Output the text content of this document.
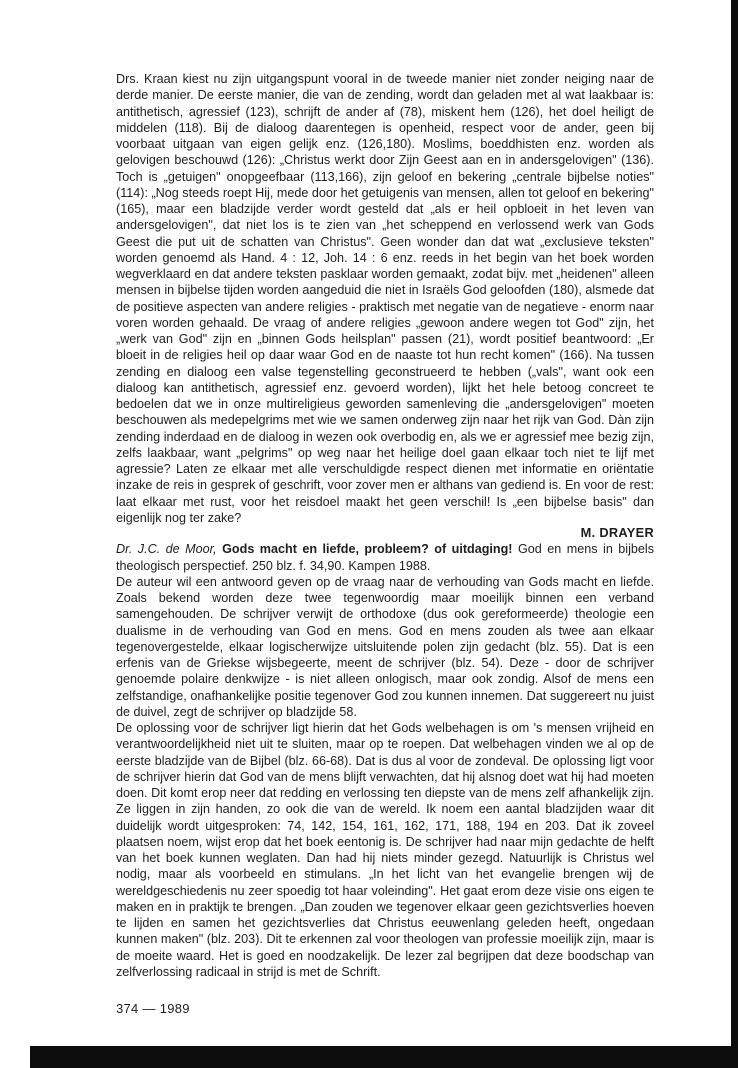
Drs. Kraan kiest nu zijn uitgangspunt vooral in de tweede manier niet zonder neiging naar de derde manier. De eerste manier, die van de zending, wordt dan geladen met al wat laakbaar is: antithetisch, agressief (123), schrijft de ander af (78), miskent hem (126), het doel heiligt de middelen (118). Bij de dialoog daarentegen is openheid, respect voor de ander, geen bij voorbaat uitgaan van eigen gelijk enz. (126,180). Moslims, boeddhisten enz. worden als gelovigen beschouwd (126): „Christus werkt door Zijn Geest aan en in andersgelovigen" (136). Toch is „getuigen" onopgeefbaar (113,166), zijn geloof en bekering „centrale bijbelse noties" (114): „Nog steeds roept Hij, mede door het getuigenis van mensen, allen tot geloof en bekering" (165), maar een bladzijde verder wordt gesteld dat „als er heil opbloeit in het leven van andersgelovigen", dat niet los is te zien van „het scheppend en verlossend werk van Gods Geest die put uit de schatten van Christus". Geen wonder dan dat wat „exclusieve teksten" worden genoemd als Hand. 4 : 12, Joh. 14 : 6 enz. reeds in het begin van het boek worden wegverklaard en dat andere teksten pasklaar worden gemaakt, zodat bijv. met „heidenen" alleen mensen in bijbelse tijden worden aangeduid die niet in Israëls God geloofden (180), alsmede dat de positieve aspecten van andere religies - praktisch met negatie van de negatieve - enorm naar voren worden gehaald. De vraag of andere religies „gewoon andere wegen tot God" zijn, het „werk van God" zijn en „binnen Gods heilsplan" passen (21), wordt positief beantwoord: „Er bloeit in de religies heil op daar waar God en de naaste tot hun recht komen" (166). Na tussen zending en dialoog een valse tegenstelling geconstrueerd te hebben („vals", want ook een dialoog kan antithetisch, agressief enz. gevoerd worden), lijkt het hele betoog concreet te bedoelen dat we in onze multireligieus geworden samenleving die „andersgelovigen" moeten beschouwen als medepelgrims met wie we samen onderweg zijn naar het rijk van God. Dàn zijn zending inderdaad en de dialoog in wezen ook overbodig en, als we er agressief mee bezig zijn, zelfs laakbaar, want „pelgrims" op weg naar het heilige doel gaan elkaar toch niet te lijf met agressie? Laten ze elkaar met alle verschuldigde respect dienen met informatie en oriëntatie inzake de reis in gesprek of geschrift, voor zover men er althans van gediend is. En voor de rest: laat elkaar met rust, voor het reisdoel maakt het geen verschil! Is „een bijbelse basis" dan eigenlijk nog ter zake?

M. DRAYER

Dr. J.C. de Moor, Gods macht en liefde, probleem? of uitdaging! God en mens in bijbels theologisch perspectief. 250 blz. f. 34,90. Kampen 1988.

De auteur wil een antwoord geven op de vraag naar de verhouding van Gods macht en liefde. Zoals bekend worden deze twee tegenwoordig maar moeilijk binnen een verband samengehouden. De schrijver verwijt de orthodoxe (dus ook gereformeerde) theologie een dualisme in de verhouding van God en mens. God en mens zouden als twee aan elkaar tegenovergestelde, elkaar logischerwijze uitsluitende polen zijn gedacht (blz. 55). Dat is een erfenis van de Griekse wijsbegeerte, meent de schrijver (blz. 54). Deze - door de schrijver genoemde polaire denkwijze - is niet alleen onlogisch, maar ook zondig. Alsof de mens een zelfstandige, onafhankelijke positie tegenover God zou kunnen innemen. Dat suggereert nu juist de duivel, zegt de schrijver op bladzijde 58.

De oplossing voor de schrijver ligt hierin dat het Gods welbehagen is om 's mensen vrijheid en verantwoordelijkheid niet uit te sluiten, maar op te roepen. Dat welbehagen vinden we al op de eerste bladzijde van de Bijbel (blz. 66-68). Dat is dus al voor de zondeval. De oplossing ligt voor de schrijver hierin dat God van de mens blijft verwachten, dat hij alsnog doet wat hij had moeten doen. Dit komt erop neer dat redding en verlossing ten diepste van de mens zelf afhankelijk zijn. Ze liggen in zijn handen, zo ook die van de wereld. Ik noem een aantal bladzijden waar dit duidelijk wordt uitgesproken: 74, 142, 154, 161, 162, 171, 188, 194 en 203. Dat ik zoveel plaatsen noem, wijst erop dat het boek eentonig is. De schrijver had naar mijn gedachte de helft van het boek kunnen weglaten. Dan had hij niets minder gezegd. Natuurlijk is Christus wel nodig, maar als voorbeeld en stimulans. „In het licht van het evangelie brengen wij de wereldgeschiedenis nu zeer spoedig tot haar voleinding". Het gaat erom deze visie ons eigen te maken en in praktijk te brengen. „Dan zouden we tegenover elkaar geen gezichtsverlies hoeven te lijden en samen het gezichtsverlies dat Christus eeuwenlang geleden heeft, ongedaan kunnen maken" (blz. 203). Dit te erkennen zal voor theologen van professie moeilijk zijn, maar is de moeite waard. Het is goed en noodzakelijk. De lezer zal begrijpen dat deze boodschap van zelfverlossing radicaal in strijd is met de Schrift.

374 — 1989
